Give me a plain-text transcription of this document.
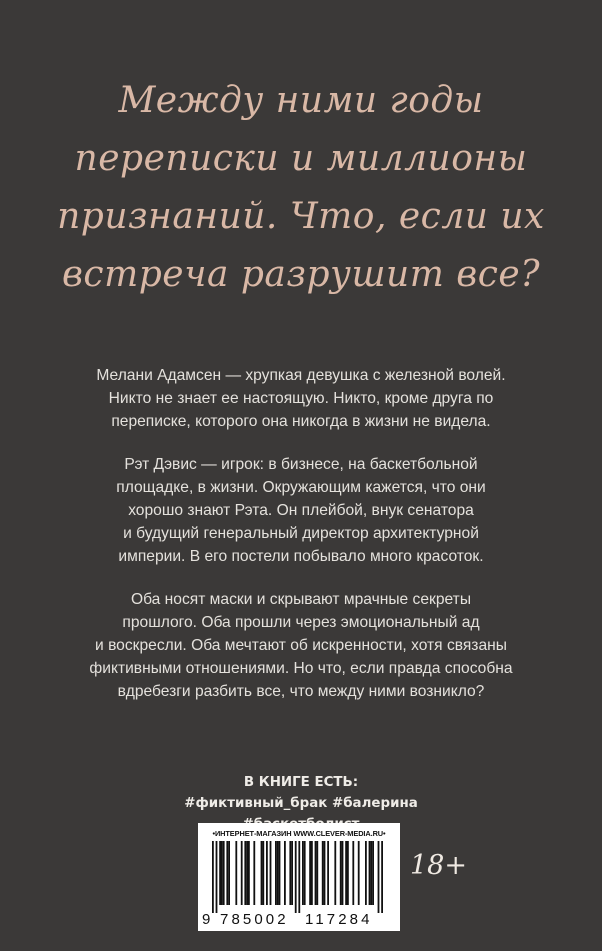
Между ними годы
переписки и миллионы
признаний. Что, если их
встреча разрушит все?

Мелани Адамсен — хрупкая девушка с железной волей.
Никто не знает ее настоящую. Никто, кроме друга по
переписке, которого она никогда в жизни не видела.

Рэт Дэвис — игрок: в бизнесе, на баскетбольной
площадке, в жизни. Окружающим кажется, что они
хорошо знают Рэта. Он плейбой, внук сенатора
и будущий генеральный директор архитектурной
империи. В его постели побывало много красоток.

Оба носят маски и скрывают мрачные секреты
прошлого. Оба прошли через эмоциональный ад
и воскресли. Оба мечтают об искренности, хотя связаны
фиктивными отношениями. Но что, если правда способна
вдребезги разбить все, что между ними возникло?

В КНИГЕ ЕСТЬ:
#фиктивный_брак #балерина
•ИНТЕРНЕТ-МАГАЗИН WWW.CLEVER-MEDIA.RU•
9 785002 117284
18+
